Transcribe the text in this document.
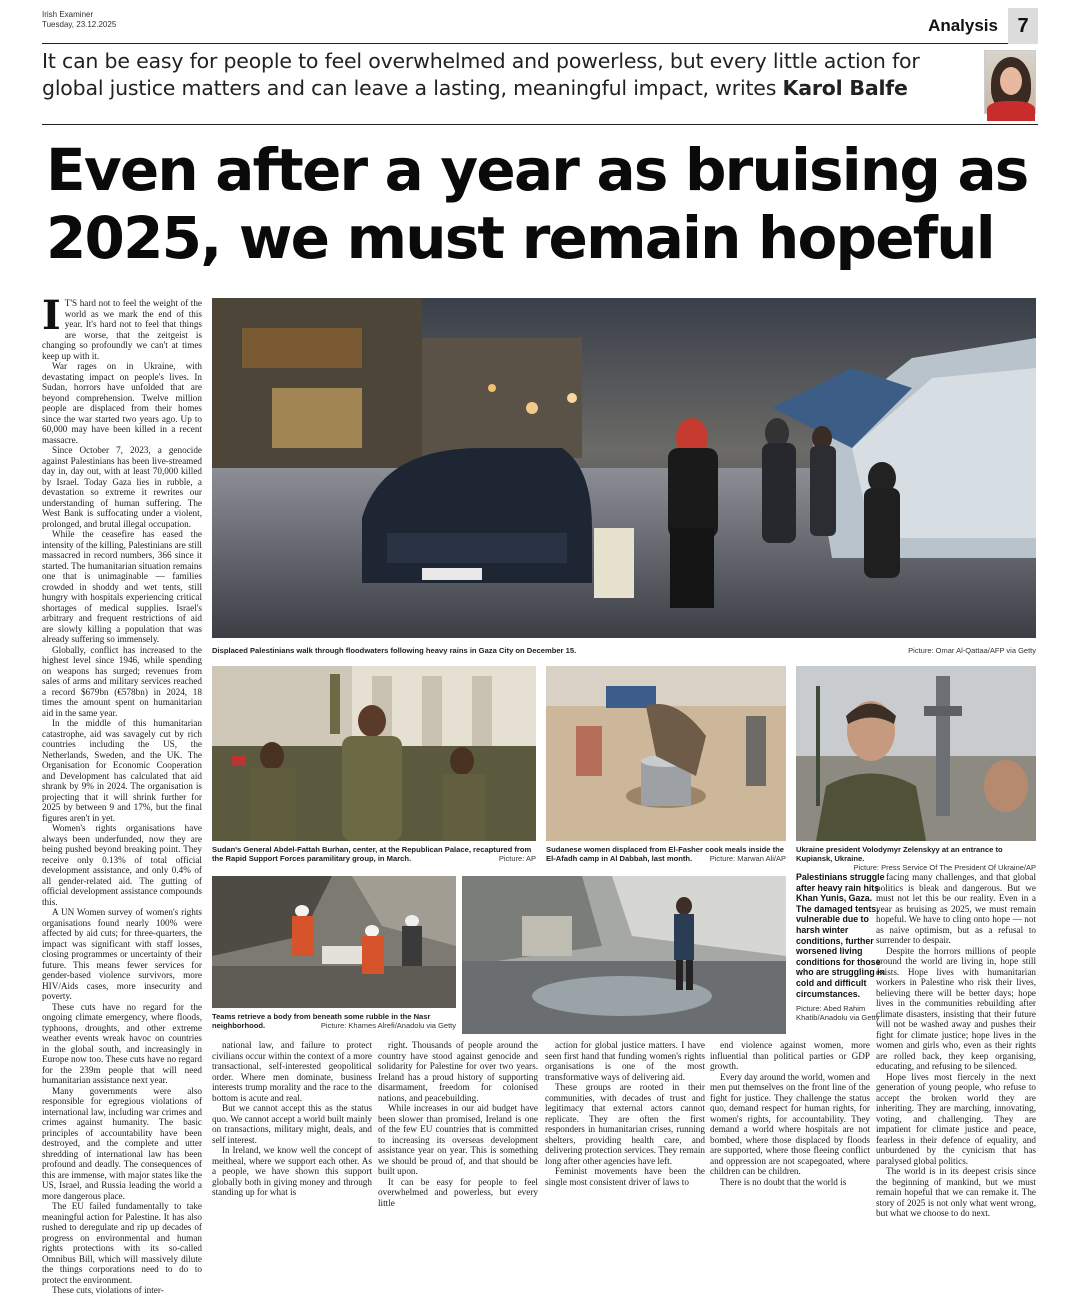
Irish Examiner
Tuesday, 23.12.2025	Analysis 7
It can be easy for people to feel overwhelmed and powerless, but every little action for global justice matters and can leave a lasting, meaningful impact, writes Karol Balfe
Even after a year as bruising as
2025, we must remain hopeful
I T'S hard not to feel the weight of the world as we mark the end of this year. It's hard not to feel that things are worse, that the zeitgeist is changing so profoundly we can't at times keep up with it.

War rages on in Ukraine, with devastating impact on people's lives. In Sudan, horrors have unfolded that are beyond comprehension. Twelve million people are displaced from their homes since the war started two years ago. Up to 60,000 may have been killed in a recent massacre.

Since October 7, 2023, a genocide against Palestinians has been live-streamed day in, day out, with at least 70,000 killed by Israel. Today Gaza lies in rubble, a devastation so extreme it rewrites our understanding of human suffering. The West Bank is suffocating under a violent, prolonged, and brutal illegal occupation.

While the ceasefire has eased the intensity of the killing, Palestinians are still massacred in record numbers, 366 since it started. The humanitarian situation remains one that is unimaginable — families crowded in shoddy and wet tents, still hungry with hospitals experiencing critical shortages of medical supplies. Israel's arbitrary and frequent restrictions of aid are slowly killing a population that was already suffering so immensely.

Globally, conflict has increased to the highest level since 1946, while spending on weapons has surged; revenues from sales of arms and military services reached a record $679bn (€578bn) in 2024, 18 times the amount spent on humanitarian aid in the same year.

In the middle of this humanitarian catastrophe, aid was savagely cut by rich countries including the US, the Netherlands, Sweden, and the UK. The Organisation for Economic Cooperation and Development has calculated that aid shrank by 9% in 2024. The organisation is projecting that it will shrink further for 2025 by between 9 and 17%, but the final figures aren't in yet.

Women's rights organisations have always been underfunded, now they are being pushed beyond breaking point. They receive only 0.13% of total official development assistance, and only 0.4% of all gender-related aid. The gutting of official development assistance compounds this.

A UN Women survey of women's rights organisations found nearly 100% were affected by aid cuts; for three-quarters, the impact was significant with staff losses, closing programmes or uncertainty of their future. This means fewer services for gender-based violence survivors, more HIV/Aids cases, more insecurity and poverty.

These cuts have no regard for the ongoing climate emergency, where floods, typhoons, droughts, and other extreme weather events wreak havoc on countries in the global south, and increasingly in Europe now too. These cuts have no regard for the 239m people that will need humanitarian assistance next year.

Many governments were also responsible for egregious violations of international law, including war crimes and crimes against humanity. The basic principles of accountability have been destroyed, and the complete and utter shredding of international law has been profound and deadly. The consequences of this are immense, with major states like the US, Israel, and Russia leading the world a more dangerous place.

The EU failed fundamentally to take meaningful action for Palestine. It has also rushed to deregulate and rip up decades of progress on environmental and human rights protections with its so-called Omnibus Bill, which will massively dilute the things corporations need to do to protect the environment.

These cuts, violations of inter-

Displaced Palestinians walk through floodwaters following heavy rains in Gaza City on December 15.	Picture: Omar Al-Qattaa/AFP via Getty
Sudan's General Abdel-Fattah Burhan, center, at the Republican Palace, recaptured from the Rapid Support Forces paramilitary group, in March.	Picture: AP
Sudanese women displaced from El-Fasher cook meals inside the El-Afadh camp in Al Dabbah, last month. Picture: Marwan Ali/AP
Ukraine president Volodymyr Zelenskyy at an entrance to Kupiansk, Ukraine.
Picture: Press Service Of The President Of Ukraine/AP
Teams retrieve a body from beneath some rubble in the Nasr neighborhood.	Picture: Khames Alrefi/Anadolu via Getty
Palestinians struggle after heavy rain hits Khan Yunis, Gaza. The damaged tents, vulnerable due to harsh winter conditions, further worsened living conditions for those who are struggling in cold and difficult circumstances.
Picture: Abed Rahim Khatib/Anadolu via Getty

national law, and failure to protect civilians occur within the context of a more transactional, self-interested geopolitical order. Where men dominate, business interests trump morality and the race to the bottom is acute and real.

But we cannot accept this as the status quo. We cannot accept a world built mainly on transactions, military might, deals, and self interest.

In Ireland, we know well the concept of meitheal, where we support each other. As a people, we have shown this support globally both in giving money and through standing up for what is

right. Thousands of people around the country have stood against genocide and solidarity for Palestine for over two years. Ireland has a proud history of supporting disarmament, freedom for colonised nations, and peacebuilding.

While increases in our aid budget have been slower than promised, Ireland is one of the few EU countries that is committed to increasing its overseas development assistance year on year. This is something we should be proud of, and that should be built upon.

It can be easy for people to feel overwhelmed and powerless, but every little

action for global justice matters. I have seen first hand that funding women's rights organisations is one of the most transformative ways of delivering aid.

These groups are rooted in their communities, with decades of trust and legitimacy that external actors cannot replicate. They are often the first responders in humanitarian crises, running shelters, providing health care, and delivering protection services. They remain long after other agencies have left.

Feminist movements have been the single most consistent driver of laws to

end violence against women, more influential than political parties or GDP growth.

Every day around the world, women and men put themselves on the front line of the fight for justice. They challenge the status quo, demand respect for human rights, for women's rights, for accountability. They demand a world where hospitals are not bombed, where those displaced by floods are supported, where those fleeing conflict and oppression are not scapegoated, where children can be children.

There is no doubt that the world is

facing many challenges, and that global politics is bleak and dangerous. But we must not let this be our reality. Even in a year as bruising as 2025, we must remain hopeful. We have to cling onto hope — not as naive optimism, but as a refusal to surrender to despair.

Despite the horrors millions of people around the world are living in, hope still exists. Hope lives with humanitarian workers in Palestine who risk their lives, believing there will be better days; hope lives in the communities rebuilding after climate disasters, insisting that their future will not be washed away and pushes their fight for climate justice; hope lives in the women and girls who, even as their rights are rolled back, they keep organising, educating, and refusing to be silenced.

Hope lives most fiercely in the next generation of young people, who refuse to accept the broken world they are inheriting. They are marching, innovating, voting, and challenging. They are impatient for climate justice and peace, fearless in their defence of equality, and unburdened by the cynicism that has paralysed global politics.

The world is in its deepest crisis since the beginning of mankind, but we must remain hopeful that we can remake it. The story of 2025 is not only what went wrong, but what we choose to do next.
